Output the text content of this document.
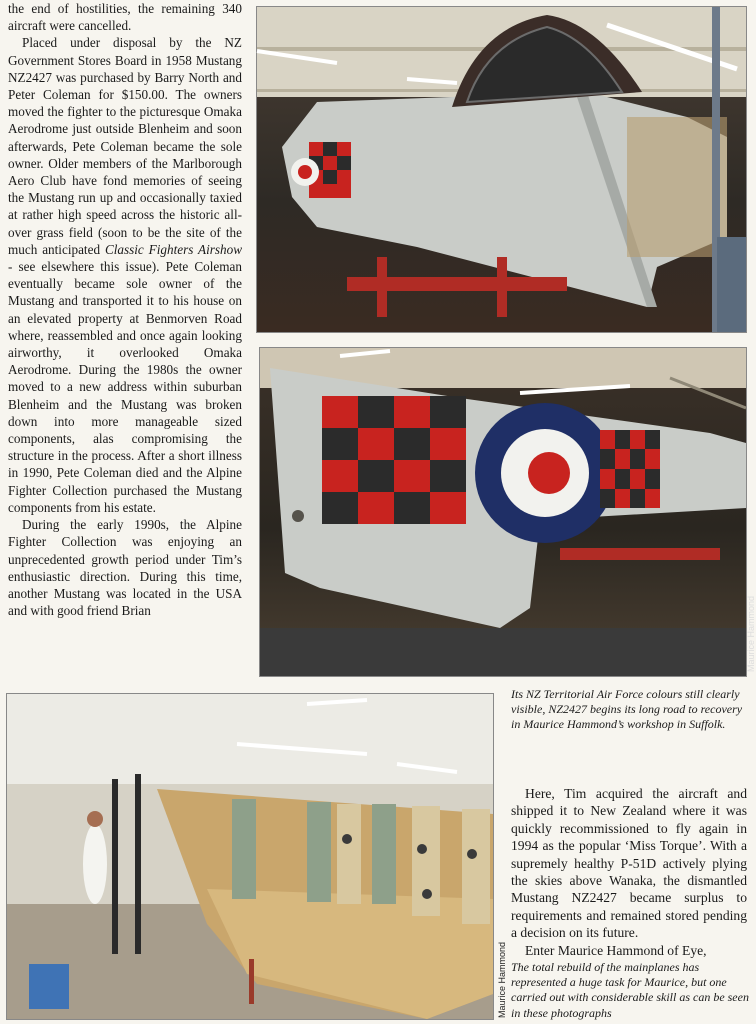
the end of hostilities, the remaining 340 aircraft were cancelled.

Placed under disposal by the NZ Government Stores Board in 1958 Mustang NZ2427 was purchased by Barry North and Peter Coleman for $150.00. The owners moved the fighter to the picturesque Omaka Aerodrome just outside Blenheim and soon afterwards, Pete Coleman became the sole owner. Older members of the Marlborough Aero Club have fond memories of seeing the Mustang run up and occasionally taxied at rather high speed across the historic all-over grass field (soon to be the site of the much anticipated Classic Fighters Airshow - see elsewhere this issue). Pete Coleman eventually became sole owner of the Mustang and transported it to his house on an elevated property at Benmorven Road where, reassembled and once again looking airworthy, it overlooked Omaka Aerodrome. During the 1980s the owner moved to a new address within suburban Blenheim and the Mustang was broken down into more manageable sized components, alas compromising the structure in the process. After a short illness in 1990, Pete Coleman died and the Alpine Fighter Collection purchased the Mustang components from his estate.

During the early 1990s, the Alpine Fighter Collection was enjoying an unprecedented growth period under Tim’s enthusiastic direction. During this time, another Mustang was located in the USA and with good friend Brian

Its NZ Territorial Air Force colours still clearly visible, NZ2427 begins its long road to recovery in Maurice Hammond’s workshop in Suffolk.

Here, Tim acquired the aircraft and shipped it to New Zealand where it was quickly recommissioned to fly again in 1994 as the popular ‘Miss Torque’. With a supremely healthy P-51D actively plying the skies above Wanaka, the dismantled Mustang NZ2427 became surplus to requirements and remained stored pending a decision on its future.

Enter Maurice Hammond of Eye,

The total rebuild of the mainplanes has represented a huge task for Maurice, but one carried out with considerable skill as can be seen in these photographs
Maurice Hammond
Maurice Hammond
